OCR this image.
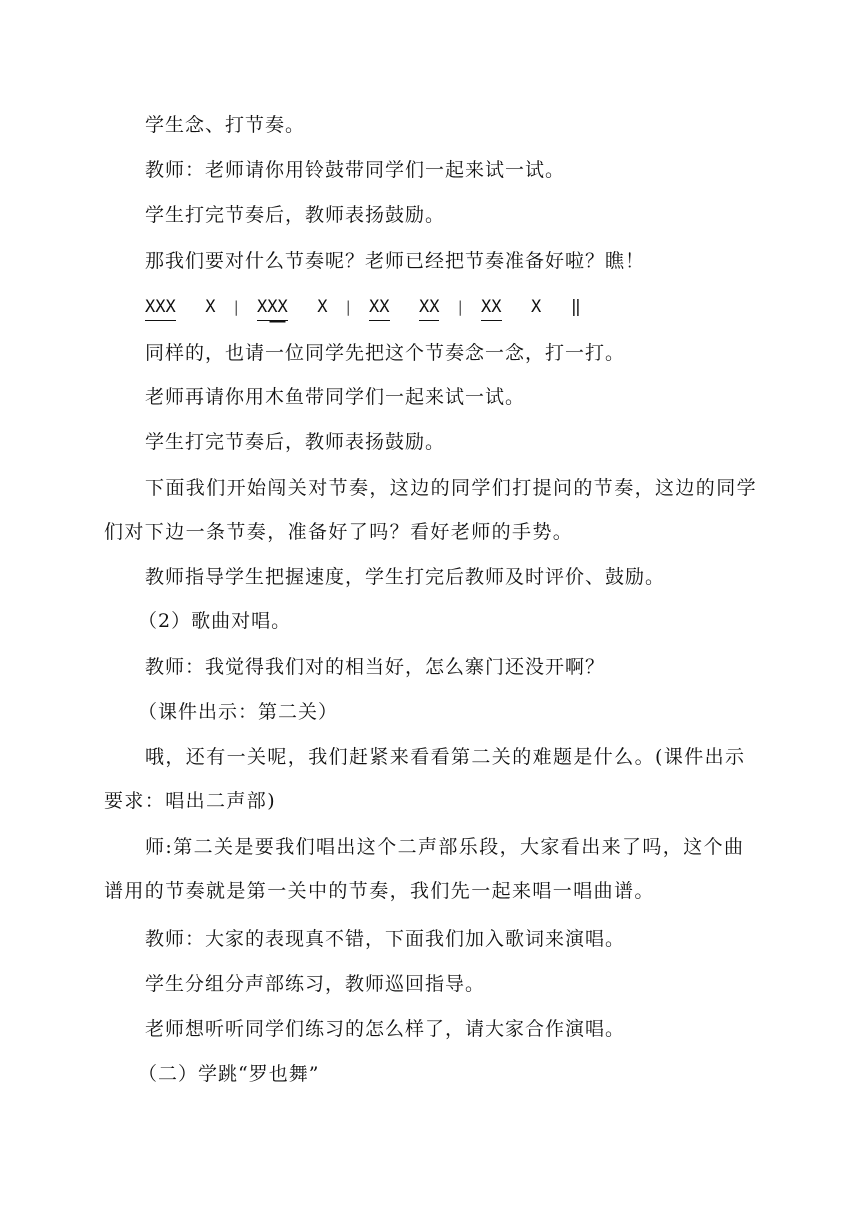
学生念、打节奏。
教师：老师请你用铃鼓带同学们一起来试一试。
学生打完节奏后，教师表扬鼓励。
那我们要对什么节奏呢？老师已经把节奏准备好啦？瞧！
XXX X | XXX X | XX XX | XX X ‖
同样的，也请一位同学先把这个节奏念一念，打一打。
老师再请你用木鱼带同学们一起来试一试。
学生打完节奏后，教师表扬鼓励。
下面我们开始闯关对节奏，这边的同学们打提问的节奏，这边的同学们对下边一条节奏，准备好了吗？看好老师的手势。
教师指导学生把握速度，学生打完后教师及时评价、鼓励。
（2）歌曲对唱。
教师：我觉得我们对的相当好，怎么寨门还没开啊？
（课件出示：第二关）
哦，还有一关呢，我们赶紧来看看第二关的难题是什么。(课件出示要求：唱出二声部)
师:第二关是要我们唱出这个二声部乐段，大家看出来了吗，这个曲谱用的节奏就是第一关中的节奏，我们先一起来唱一唱曲谱。
教师：大家的表现真不错，下面我们加入歌词来演唱。
学生分组分声部练习，教师巡回指导。
老师想听听同学们练习的怎么样了，请大家合作演唱。
（二）学跳“罗也舞”
